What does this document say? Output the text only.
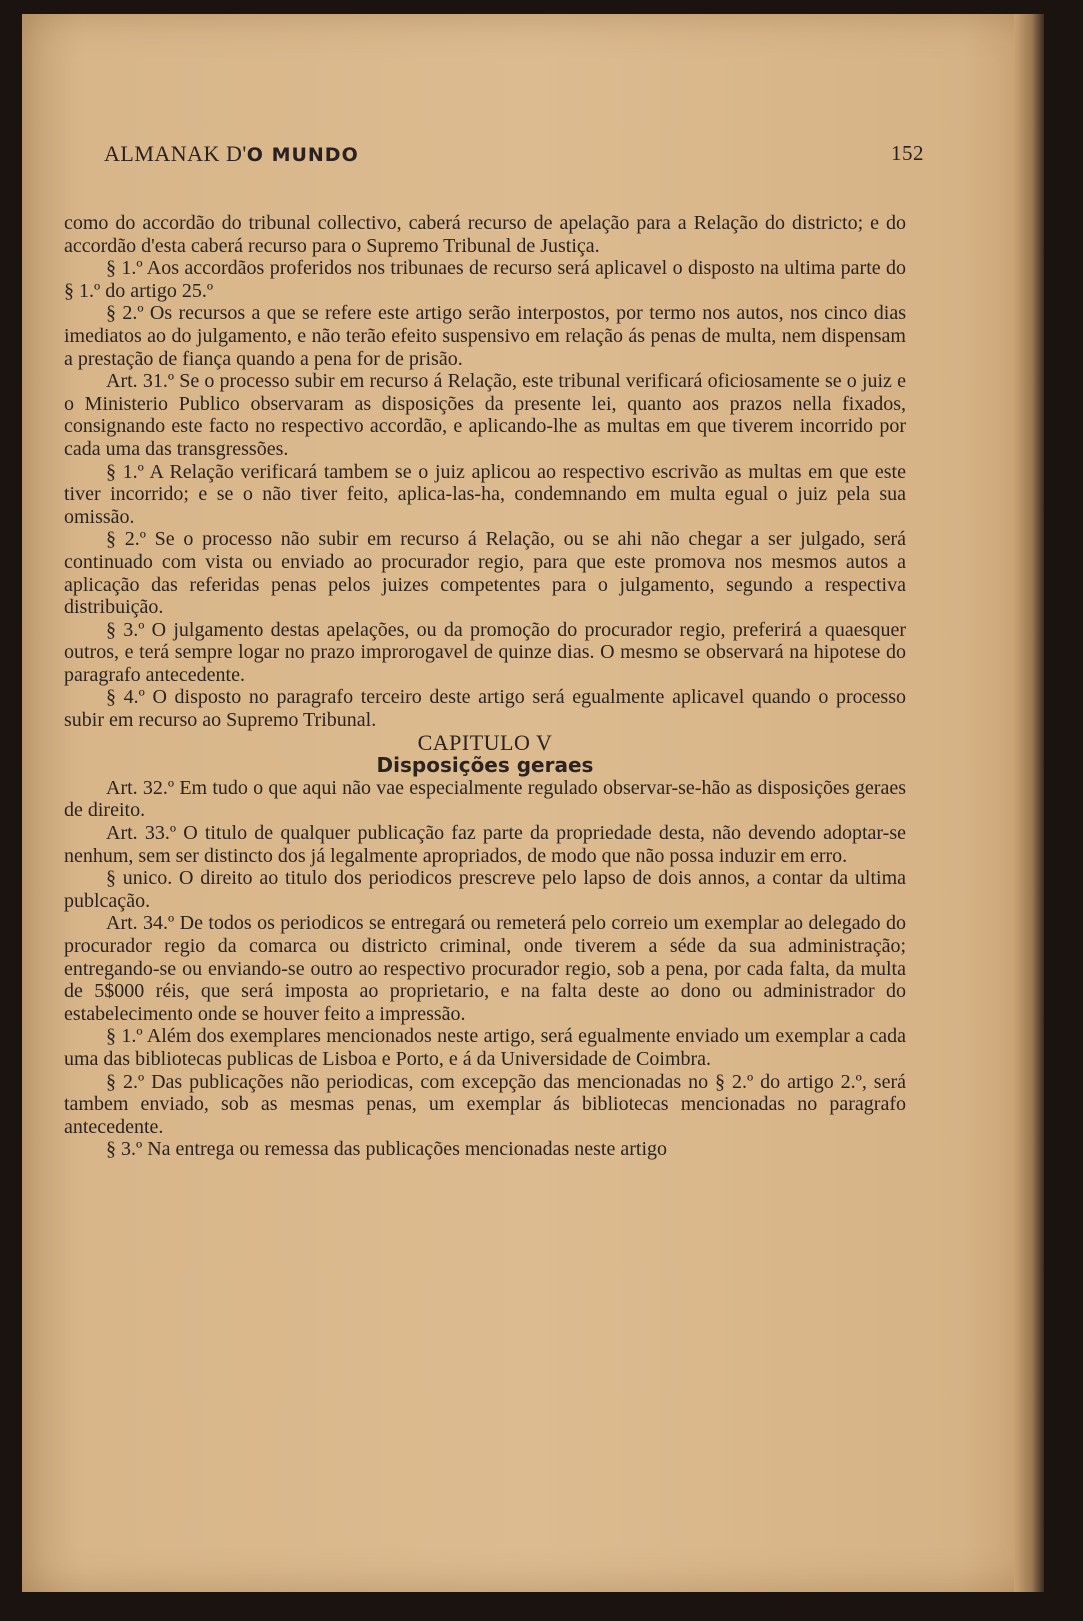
ALMANAK D'O MUNDO	152

como do accordão do tribunal collectivo, caberá recurso de apelação para a Relação do districto; e do accordão d'esta caberá recurso para o Supremo Tribunal de Justiça.

§ 1.º Aos accordãos proferidos nos tribunaes de recurso será aplicavel o disposto na ultima parte do § 1.º do artigo 25.º

§ 2.º Os recursos a que se refere este artigo serão interpostos, por termo nos autos, nos cinco dias imediatos ao do julgamento, e não terão efeito suspensivo em relação ás penas de multa, nem dispensam a prestação de fiança quando a pena for de prisão.

Art. 31.º Se o processo subir em recurso á Relação, este tribunal verificará oficiosamente se o juiz e o Ministerio Publico observaram as disposições da presente lei, quanto aos prazos nella fixados, consignando este facto no respectivo accordão, e aplicando-lhe as multas em que tiverem incorrido por cada uma das transgressões.

§ 1.º A Relação verificará tambem se o juiz aplicou ao respectivo escrivão as multas em que este tiver incorrido; e se o não tiver feito, aplica-las-ha, condemnando em multa egual o juiz pela sua omissão.

§ 2.º Se o processo não subir em recurso á Relação, ou se ahi não chegar a ser julgado, será continuado com vista ou enviado ao procurador regio, para que este promova nos mesmos autos a aplicação das referidas penas pelos juizes competentes para o julgamento, segundo a respectiva distribuição.

§ 3.º O julgamento destas apelações, ou da promoção do procurador regio, preferirá a quaesquer outros, e terá sempre logar no prazo improrogavel de quinze dias. O mesmo se observará na hipotese do paragrafo antecedente.

§ 4.º O disposto no paragrafo terceiro deste artigo será egualmente aplicavel quando o processo subir em recurso ao Supremo Tribunal.

CAPITULO V

Disposições geraes

Art. 32.º Em tudo o que aqui não vae especialmente regulado observar-se-hão as disposições geraes de direito.

Art. 33.º O titulo de qualquer publicação faz parte da propriedade desta, não devendo adoptar-se nenhum, sem ser distincto dos já legalmente apropriados, de modo que não possa induzir em erro.

§ unico. O direito ao titulo dos periodicos prescreve pelo lapso de dois annos, a contar da ultima publcação.

Art. 34.º De todos os periodicos se entregará ou remeterá pelo correio um exemplar ao delegado do procurador regio da comarca ou districto criminal, onde tiverem a séde da sua administração; entregando-se ou enviando-se outro ao respectivo procurador regio, sob a pena, por cada falta, da multa de 5$000 réis, que será imposta ao proprietario, e na falta deste ao dono ou administrador do estabelecimento onde se houver feito a impressão.

§ 1.º Além dos exemplares mencionados neste artigo, será egualmente enviado um exemplar a cada uma das bibliotecas publicas de Lisboa e Porto, e á da Universidade de Coimbra.

§ 2.º Das publicações não periodicas, com excepção das mencionadas no § 2.º do artigo 2.º, será tambem enviado, sob as mesmas penas, um exemplar ás bibliotecas mencionadas no paragrafo antecedente.

§ 3.º Na entrega ou remessa das publicações mencionadas neste artigo
